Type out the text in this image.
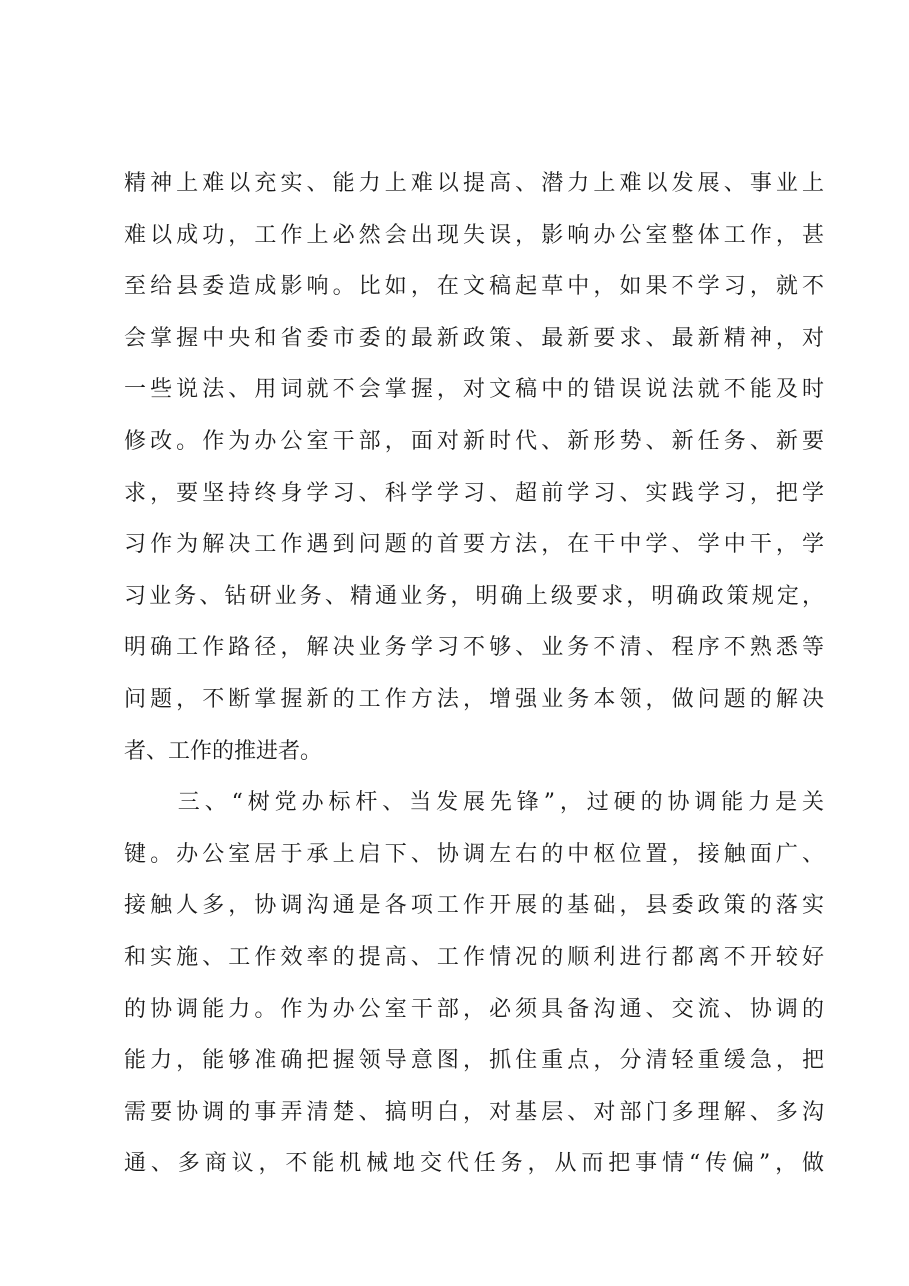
精神上难以充实、能力上难以提高、潜力上难以发展、事业上
难以成功，工作上必然会出现失误，影响办公室整体工作，甚
至给县委造成影响。比如，在文稿起草中，如果不学习，就不
会掌握中央和省委市委的最新政策、最新要求、最新精神，对
一些说法、用词就不会掌握，对文稿中的错误说法就不能及时
修改。作为办公室干部，面对新时代、新形势、新任务、新要
求，要坚持终身学习、科学学习、超前学习、实践学习，把学
习作为解决工作遇到问题的首要方法，在干中学、学中干，学
习业务、钻研业务、精通业务，明确上级要求，明确政策规定，
明确工作路径，解决业务学习不够、业务不清、程序不熟悉等
问题，不断掌握新的工作方法，增强业务本领，做问题的解决
者、工作的推进者。
　　三、“树党办标杆、当发展先锋”，过硬的协调能力是关
键。办公室居于承上启下、协调左右的中枢位置，接触面广、
接触人多，协调沟通是各项工作开展的基础，县委政策的落实
和实施、工作效率的提高、工作情况的顺利进行都离不开较好
的协调能力。作为办公室干部，必须具备沟通、交流、协调的
能力，能够准确把握领导意图，抓住重点，分清轻重缓急，把
需要协调的事弄清楚、搞明白，对基层、对部门多理解、多沟
通、多商议，不能机械地交代任务，从而把事情“传偏”，做
